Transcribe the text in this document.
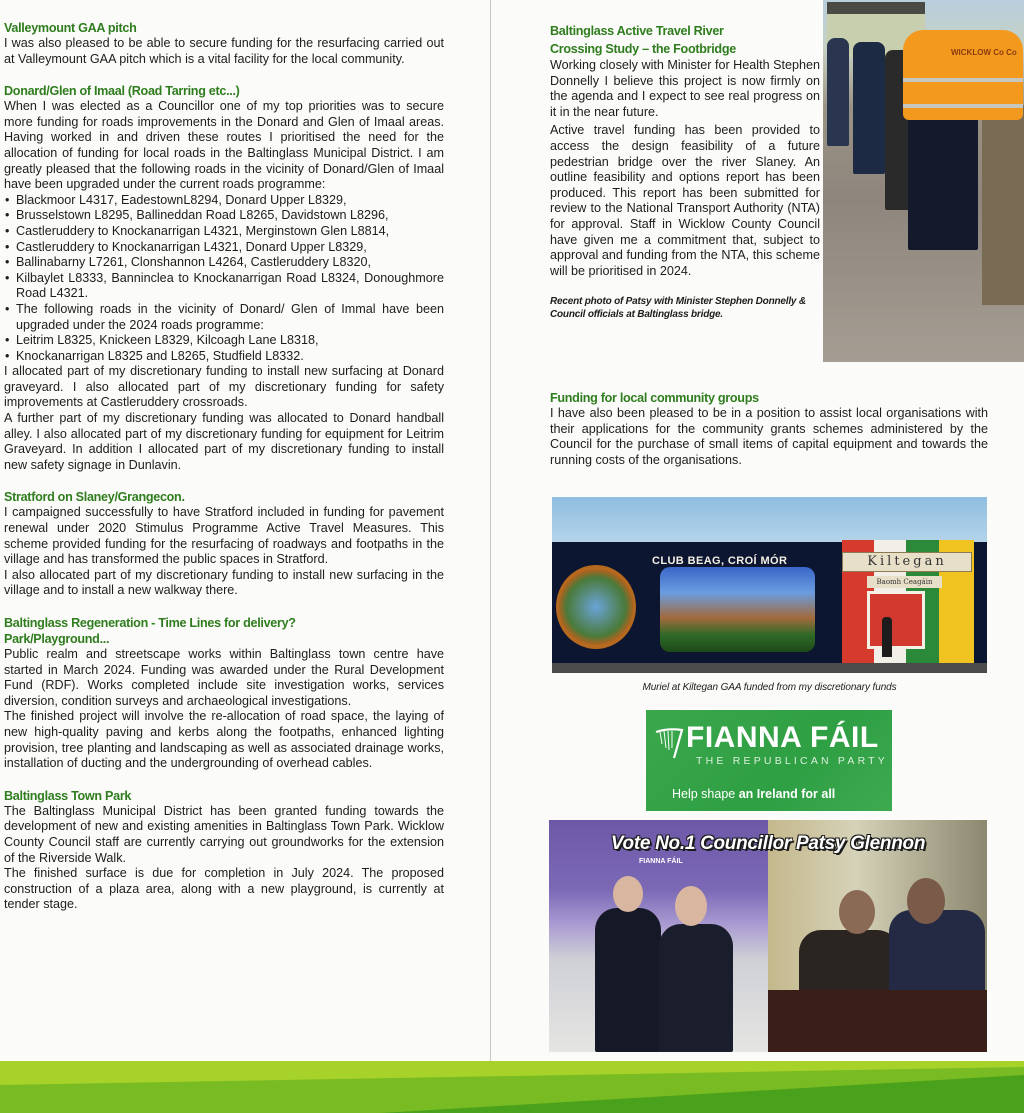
Valleymount GAA pitch
I was also pleased to be able to secure funding for the resurfacing carried out at Valleymount GAA pitch which is a vital facility for the local community.
Donard/Glen of Imaal (Road Tarring etc...)
When I was elected as a Councillor one of my top priorities was to secure more funding for roads improvements in the Donard and Glen of Imaal areas. Having worked in and driven these routes I prioritised the need for the allocation of funding for local roads in the Baltinglass Municipal District. I am greatly pleased that the following roads in the vicinity of Donard/Glen of Imaal have been upgraded under the current roads programme:
• Blackmoor L4317, EadestownL8294, Donard Upper L8329,
• Brusselstown L8295, Ballineddan Road L8265, Davidstown L8296,
• Castleruddery to Knockanarrigan L4321, Merginstown Glen L8814,
• Castleruddery to Knockanarrigan L4321, Donard Upper L8329,
• Ballinabarny L7261, Clonshannon L4264, Castleruddery L8320,
• Kilbaylet L8333, Banninclea to Knockanarrigan Road L8324, Donoughmore Road L4321.
• The following roads in the vicinity of Donard/ Glen of Immal have been upgraded under the 2024 roads programme:
• Leitrim L8325, Knickeen L8329, Kilcoagh Lane L8318,
• Knockanarrigan L8325 and L8265, Studfield L8332.
I allocated part of my discretionary funding to install new surfacing at Donard graveyard. I also allocated part of my discretionary funding for safety improvements at Castleruddery crossroads.
A further part of my discretionary funding was allocated to Donard handball alley. I also allocated part of my discretionary funding for equipment for Leitrim Graveyard. In addition I allocated part of my discretionary funding to install new safety signage in Dunlavin.
Stratford on Slaney/Grangecon.
I campaigned successfully to have Stratford included in funding for pavement renewal under 2020 Stimulus Programme Active Travel Measures. This scheme provided funding for the resurfacing of roadways and footpaths in the village and has transformed the public spaces in Stratford.
I also allocated part of my discretionary funding to install new surfacing in the village and to install a new walkway there.
Baltinglass Regeneration - Time Lines for delivery?
Park/Playground...
Public realm and streetscape works within Baltinglass town centre have started in March 2024. Funding was awarded under the Rural Development Fund (RDF). Works completed include site investigation works, services diversion, condition surveys and archaeological investigations.
The finished project will involve the re-allocation of road space, the laying of new high-quality paving and kerbs along the footpaths, enhanced lighting provision, tree planting and landscaping as well as associated drainage works, installation of ducting and the undergrounding of overhead cables.
Baltinglass Town Park
The Baltinglass Municipal District has been granted funding towards the development of new and existing amenities in Baltinglass Town Park. Wicklow County Council staff are currently carrying out groundworks for the extension of the Riverside Walk.
The finished surface is due for completion in July 2024. The proposed construction of a plaza area, along with a new playground, is currently at tender stage.
Baltinglass Active Travel River
Crossing Study – the Footbridge
Working closely with Minister for Health Stephen Donnelly I believe this project is now firmly on the agenda and I expect to see real progress on it in the near future.
Active travel funding has been provided to access the design feasibility of a future pedestrian bridge over the river Slaney. An outline feasibility and options report has been produced. This report has been submitted for review to the National Transport Authority (NTA) for approval. Staff in Wicklow County Council have given me a commitment that, subject to approval and funding from the NTA, this scheme will be prioritised in 2024.
Recent photo of Patsy with Minister Stephen Donnelly & Council officials at Baltinglass bridge.
WICKLOW Co Co
Funding for local community groups
I have also been pleased to be in a position to assist local organisations with their applications for the community grants schemes administered by the Council for the purchase of small items of capital equipment and towards the running costs of the organisations.
CLUB BEAG, CROÍ MÓR	Kiltegan
Baomh Ceagáin
Muriel at Kiltegan GAA funded from my discretionary funds
FIANNA FÁIL
THE REPUBLICAN PARTY
Help shape an Ireland for all
FIANNA FÁIL
Vote No.1 Councillor Patsy Glennon
